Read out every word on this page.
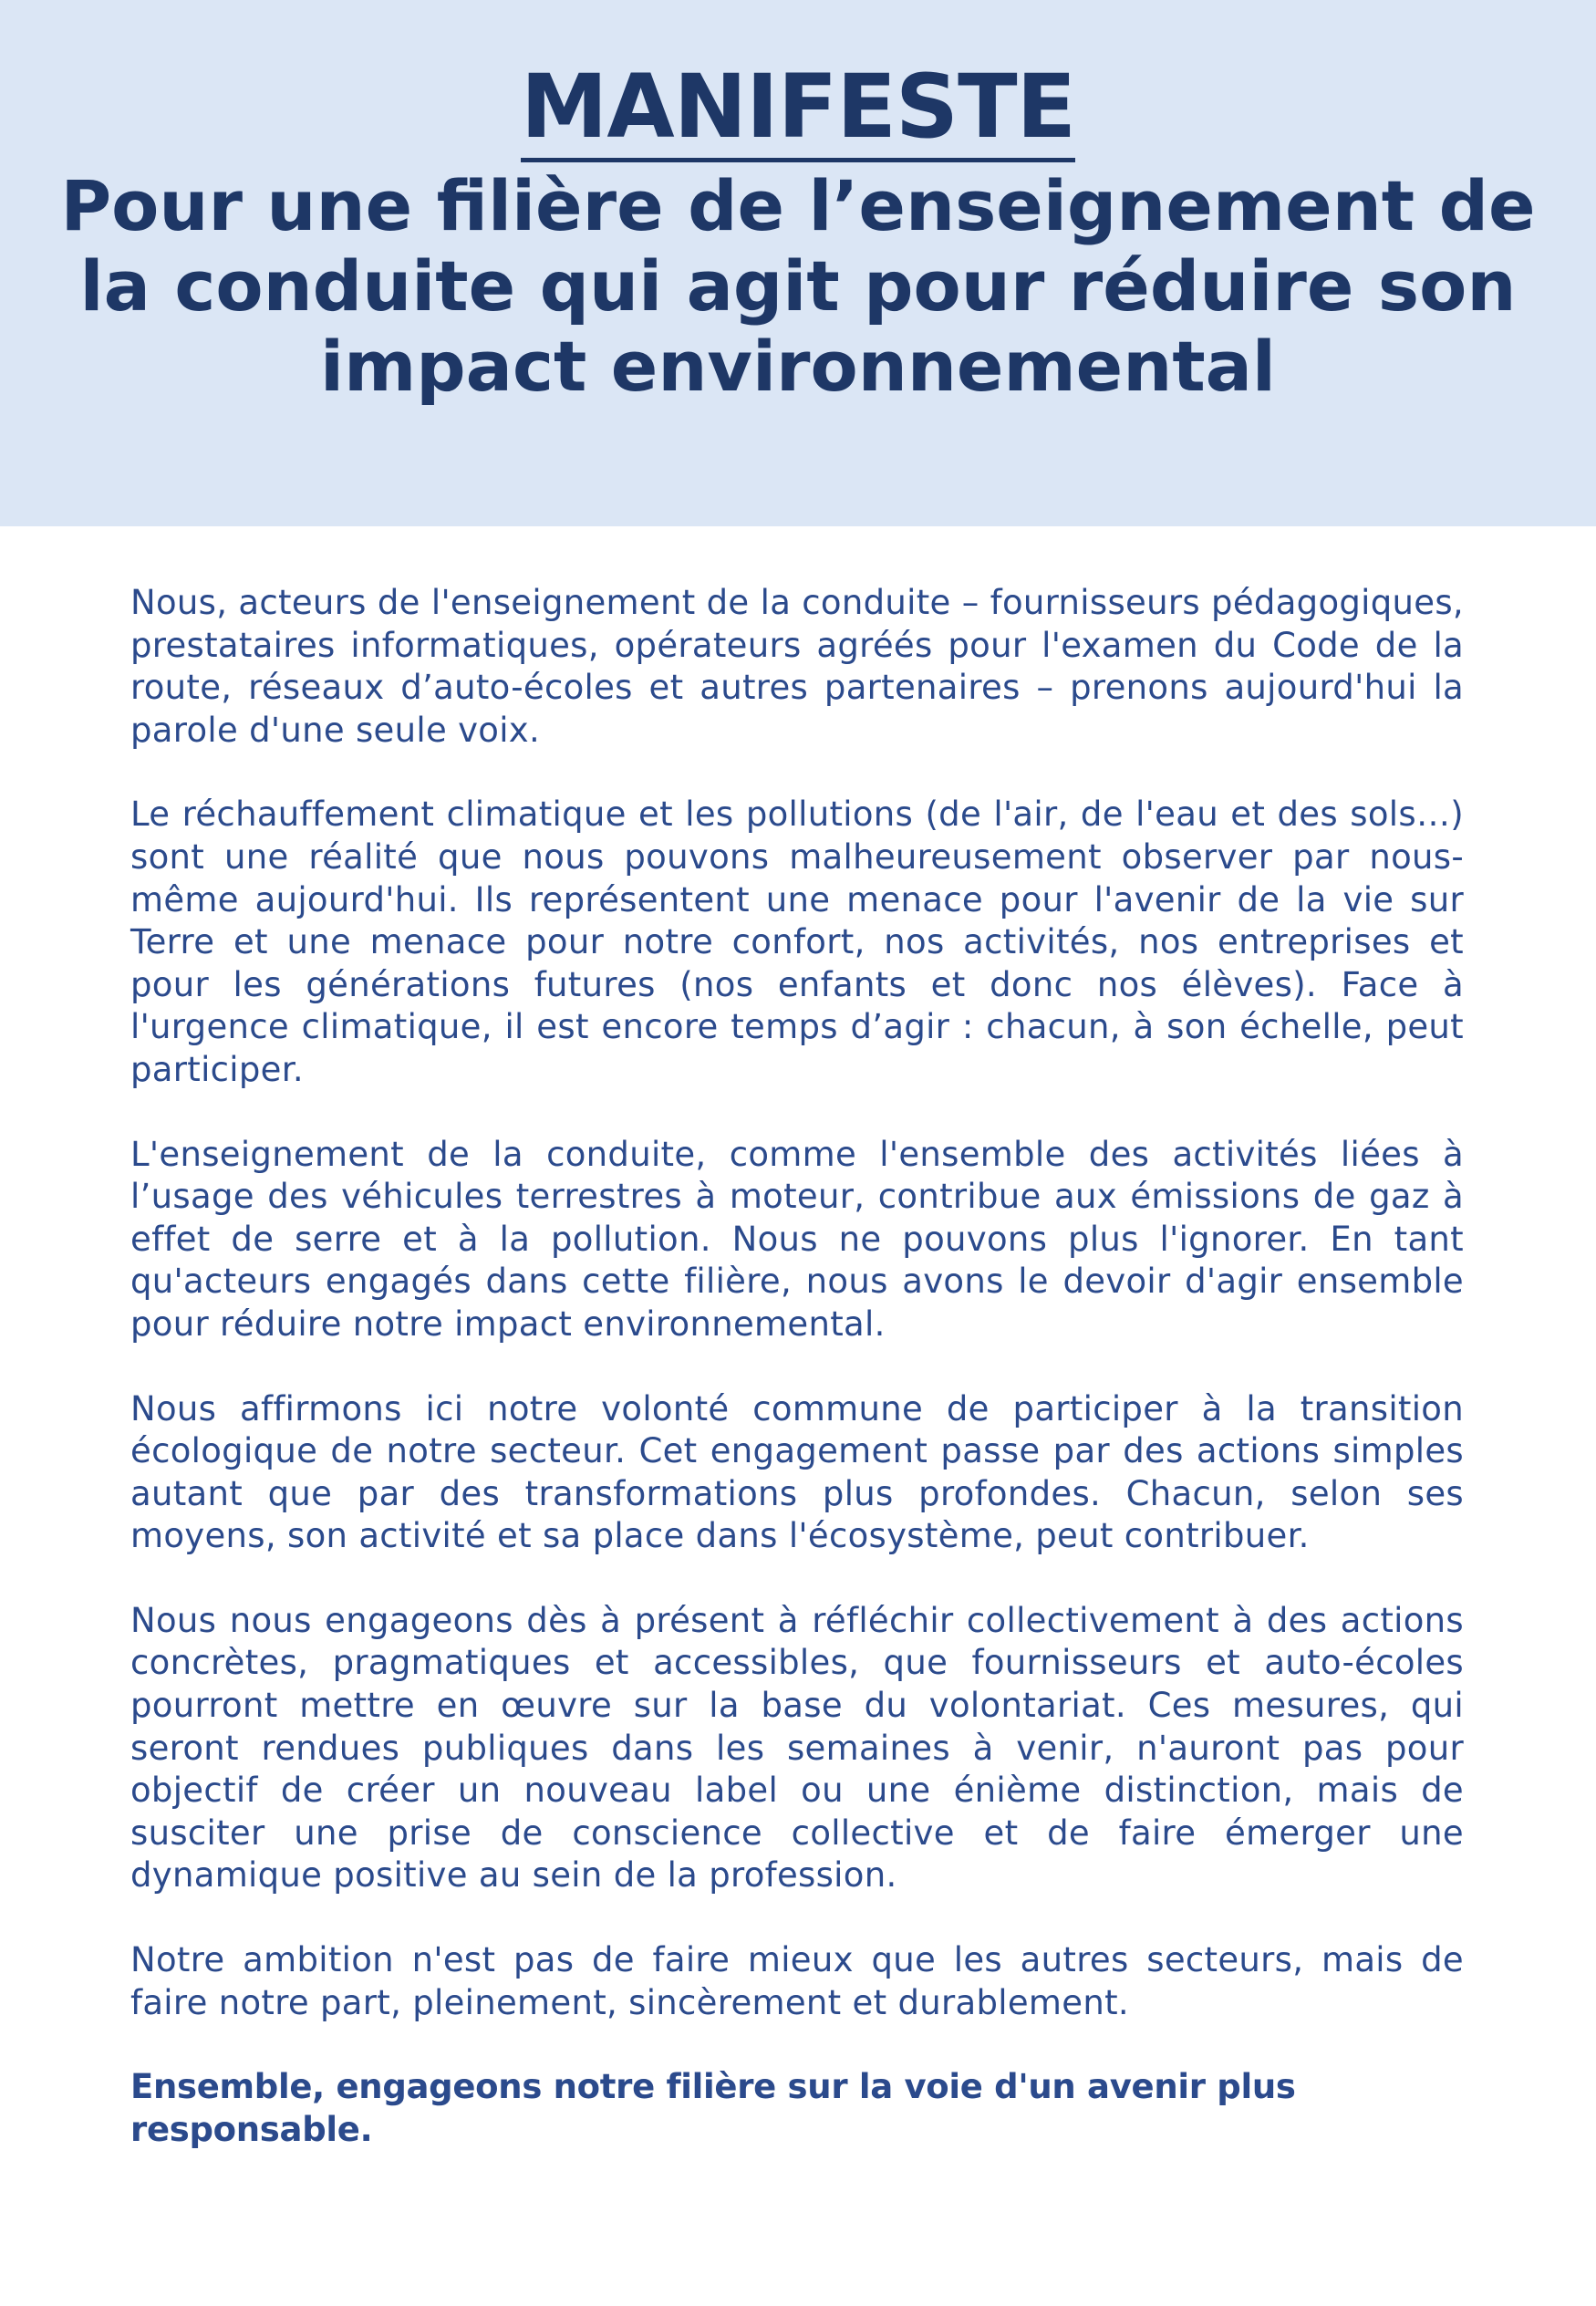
MANIFESTE
Pour une filière de l’enseignement de la conduite qui agit pour réduire son impact environnemental

Nous, acteurs de l'enseignement de la conduite – fournisseurs pédagogiques, prestataires informatiques, opérateurs agréés pour l'examen du Code de la route, réseaux d’auto-écoles et autres partenaires – prenons aujourd'hui la parole d'une seule voix.

Le réchauffement climatique et les pollutions (de l'air, de l'eau et des sols…) sont une réalité que nous pouvons malheureusement observer par nous-même aujourd'hui. Ils représentent une menace pour l'avenir de la vie sur Terre et une menace pour notre confort, nos activités, nos entreprises et pour les générations futures (nos enfants et donc nos élèves). Face à l'urgence climatique, il est encore temps d’agir : chacun, à son échelle, peut participer.

L'enseignement de la conduite, comme l'ensemble des activités liées à l’usage des véhicules terrestres à moteur, contribue aux émissions de gaz à effet de serre et à la pollution. Nous ne pouvons plus l'ignorer. En tant qu'acteurs engagés dans cette filière, nous avons le devoir d'agir ensemble pour réduire notre impact environnemental.

Nous affirmons ici notre volonté commune de participer à la transition écologique de notre secteur. Cet engagement passe par des actions simples autant que par des transformations plus profondes. Chacun, selon ses moyens, son activité et sa place dans l'écosystème, peut contribuer.

Nous nous engageons dès à présent à réfléchir collectivement à des actions concrètes, pragmatiques et accessibles, que fournisseurs et auto-écoles pourront mettre en œuvre sur la base du volontariat. Ces mesures, qui seront rendues publiques dans les semaines à venir, n'auront pas pour objectif de créer un nouveau label ou une énième distinction, mais de susciter une prise de conscience collective et de faire émerger une dynamique positive au sein de la profession.

Notre ambition n'est pas de faire mieux que les autres secteurs, mais de faire notre part, pleinement, sincèrement et durablement.

Ensemble, engageons notre filière sur la voie d'un avenir plus responsable.
